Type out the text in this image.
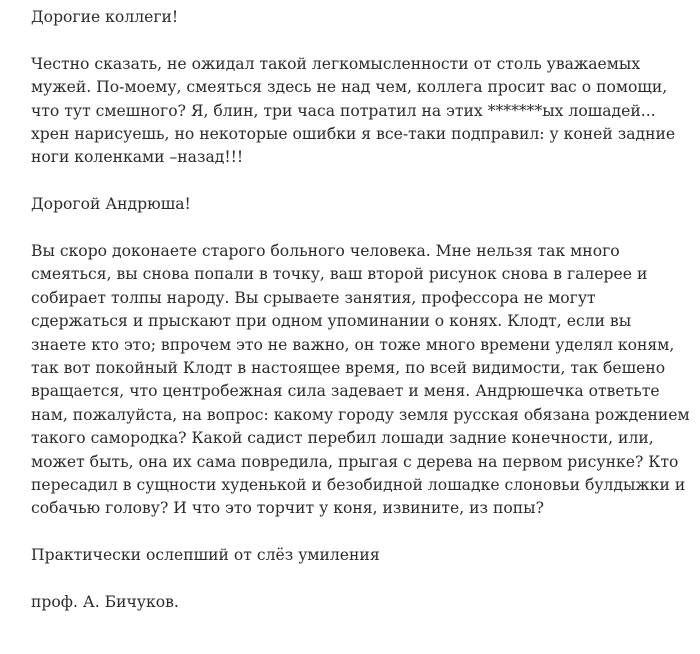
Дорогие коллеги!

Честно сказать, не ожидал такой легкомысленности от столь уважаемых
мужей. По-моему, смеяться здесь не над чем, коллега просит вас о помощи,
что тут смешного? Я, блин, три часа потратил на этих *******ых лошадей...
хрен нарисуешь, но некоторые ошибки я все-таки подправил: у коней задние
ноги коленками –назад!!!

Дорогой Андрюша!

Вы скоро доконаете старого больного человека. Мне нельзя так много
смеяться, вы снова попали в точку, ваш второй рисунок снова в галерее и
собирает толпы народу. Вы срываете занятия, профессора не могут
сдержаться и прыскают при одном упоминании о конях. Клодт, если вы
знаете кто это; впрочем это не важно, он тоже много времени уделял коням,
так вот покойный Клодт в настоящее время, по всей видимости, так бешено
вращается, что центробежная сила задевает и меня. Андрюшечка ответьте
нам, пожалуйста, на вопрос: какому городу земля русская обязана рождением
такого самородка? Какой садист перебил лошади задние конечности, или,
может быть, она их сама повредила, прыгая с дерева на первом рисунке? Кто
пересадил в сущности худенькой и безобидной лошадке слоновьи булдыжки и
собачью голову? И что это торчит у коня, извините, из попы?

Практически ослепший от слёз умиления

проф. А. Бичуков.
